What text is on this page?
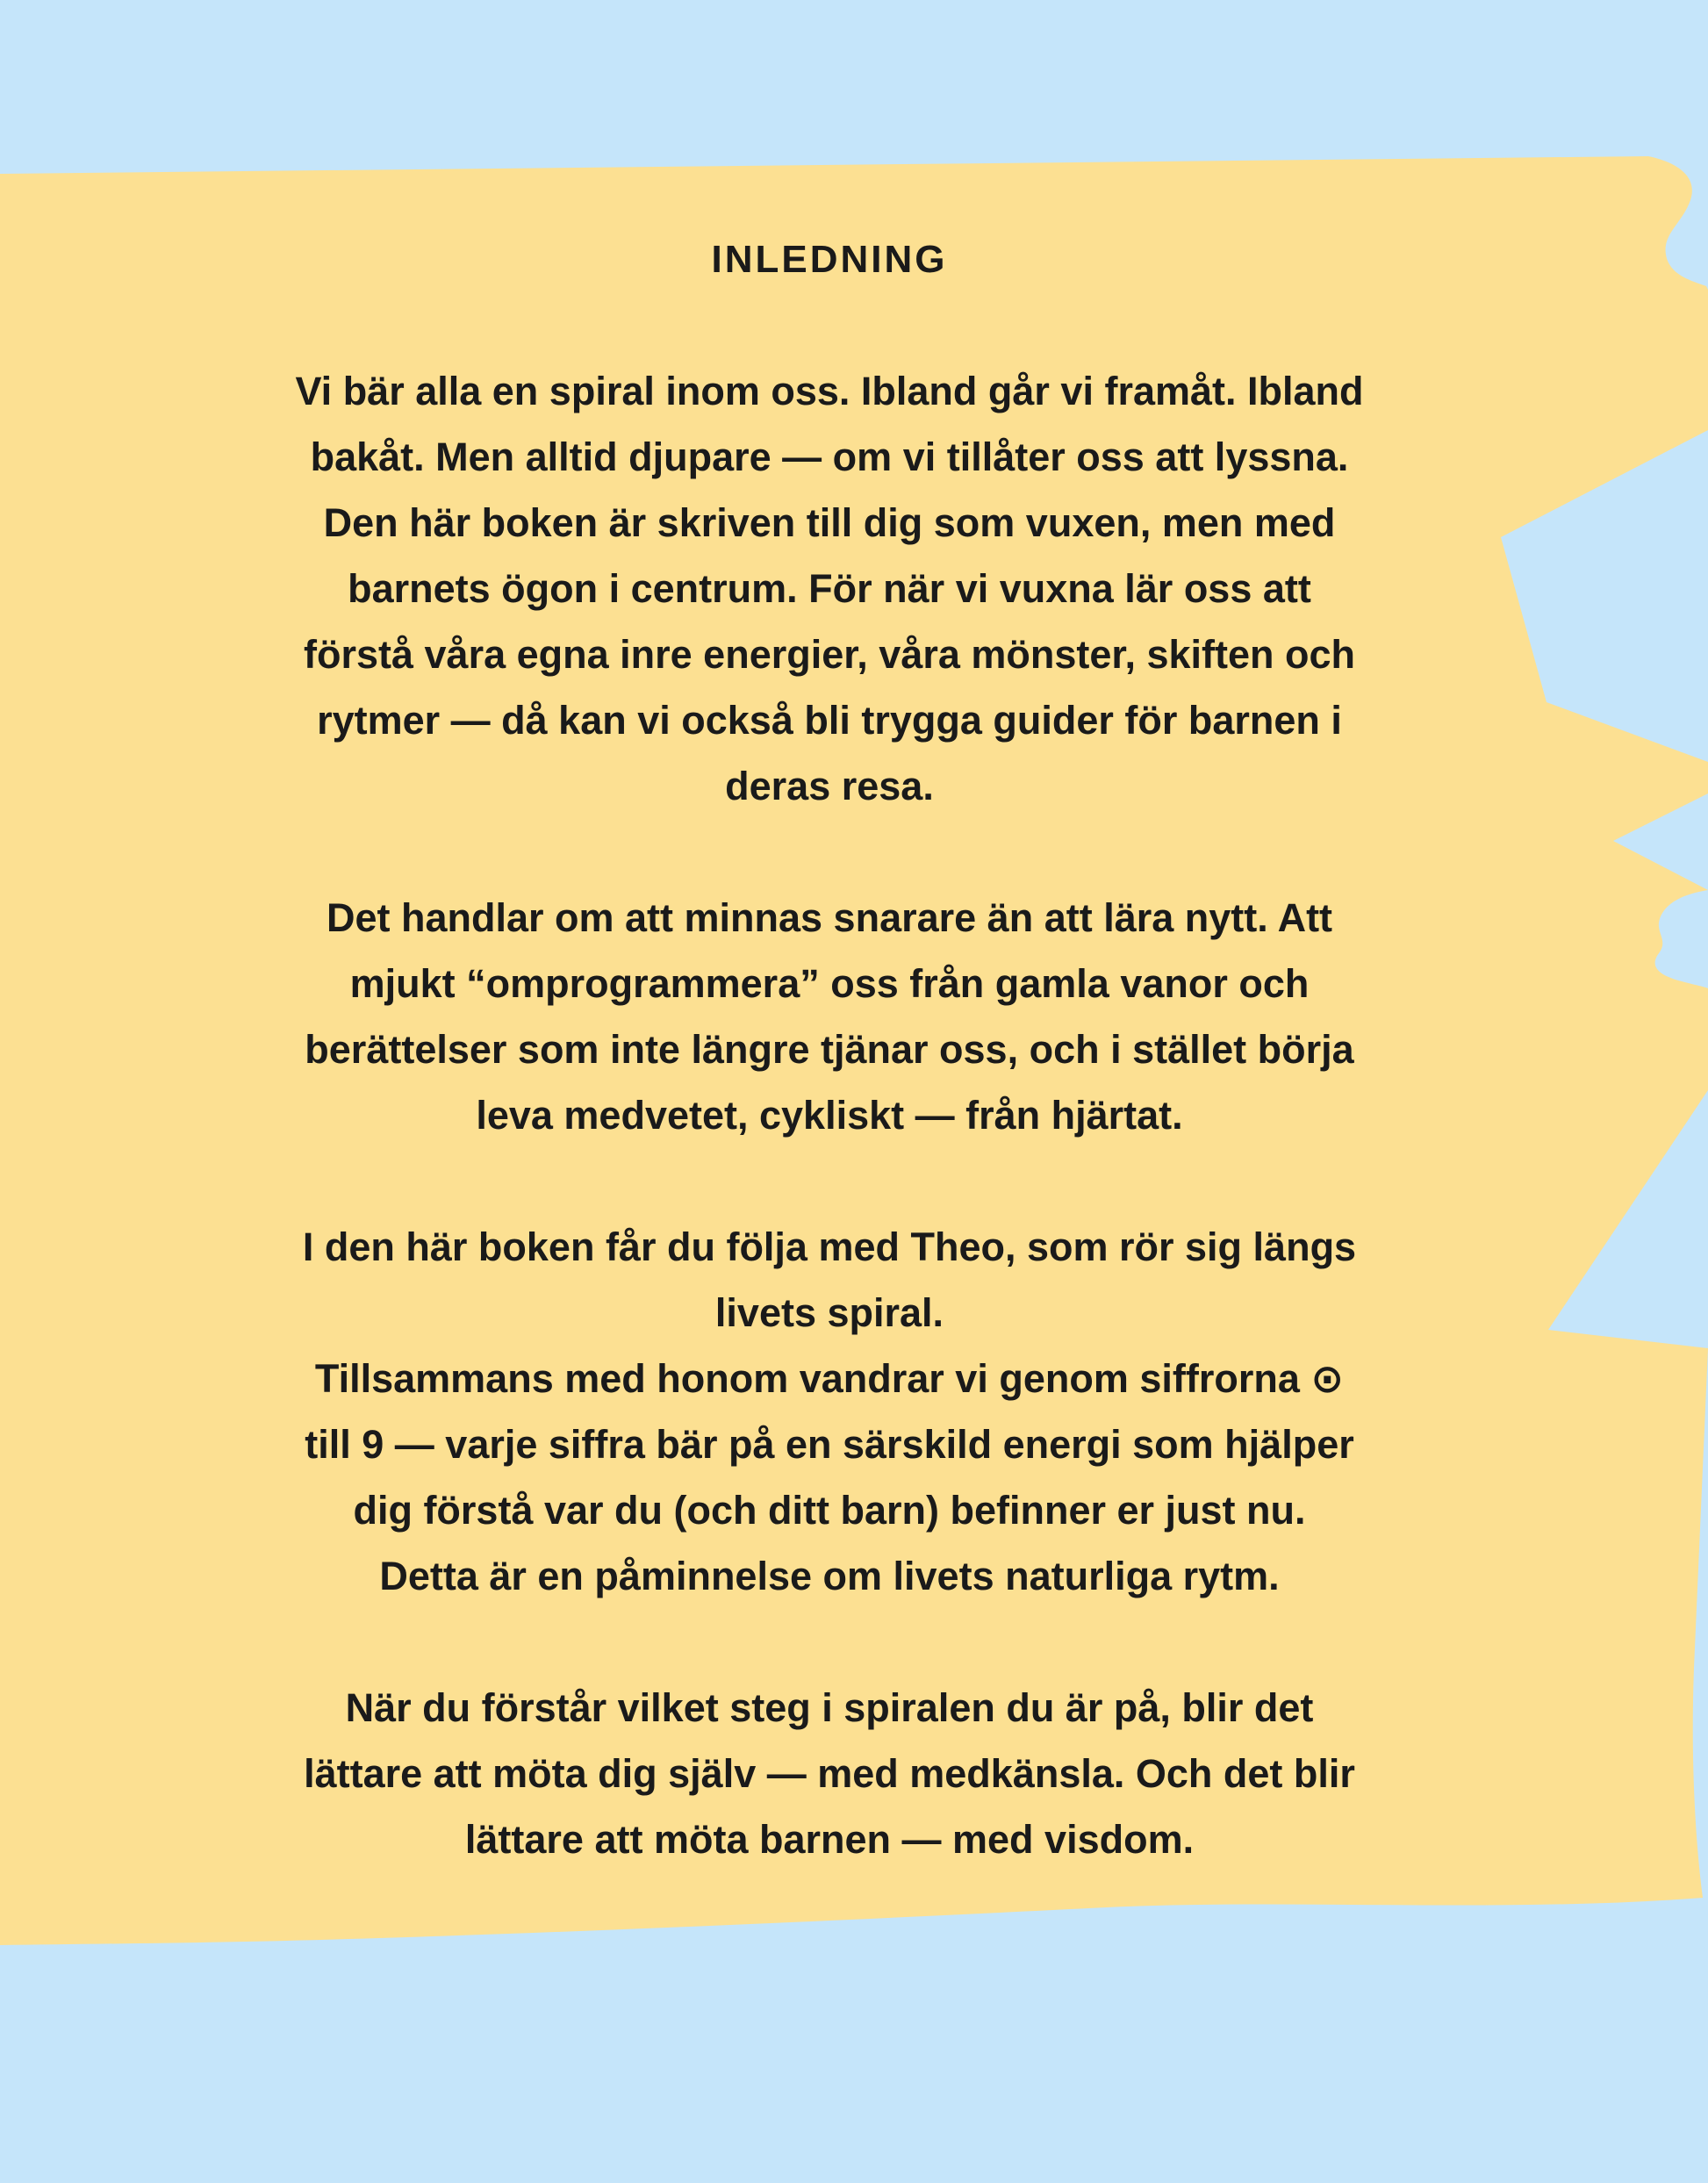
INLEDNING
Vi bär alla en spiral inom oss. Ibland går vi framåt. Ibland
bakåt. Men alltid djupare — om vi tillåter oss att lyssna.
Den här boken är skriven till dig som vuxen, men med
barnets ögon i centrum. För när vi vuxna lär oss att
förstå våra egna inre energier, våra mönster, skiften och
rytmer — då kan vi också bli trygga guider för barnen i
deras resa.
Det handlar om att minnas snarare än att lära nytt. Att
mjukt “omprogrammera” oss från gamla vanor och
berättelser som inte längre tjänar oss, och i stället börja
leva medvetet, cykliskt — från hjärtat.
I den här boken får du följa med Theo, som rör sig längs
livets spiral.
Tillsammans med honom vandrar vi genom siffrorna ⊙
till 9 — varje siffra bär på en särskild energi som hjälper
dig förstå var du (och ditt barn) befinner er just nu.
Detta är en påminnelse om livets naturliga rytm.
När du förstår vilket steg i spiralen du är på, blir det
lättare att möta dig själv — med medkänsla. Och det blir
lättare att möta barnen — med visdom.
